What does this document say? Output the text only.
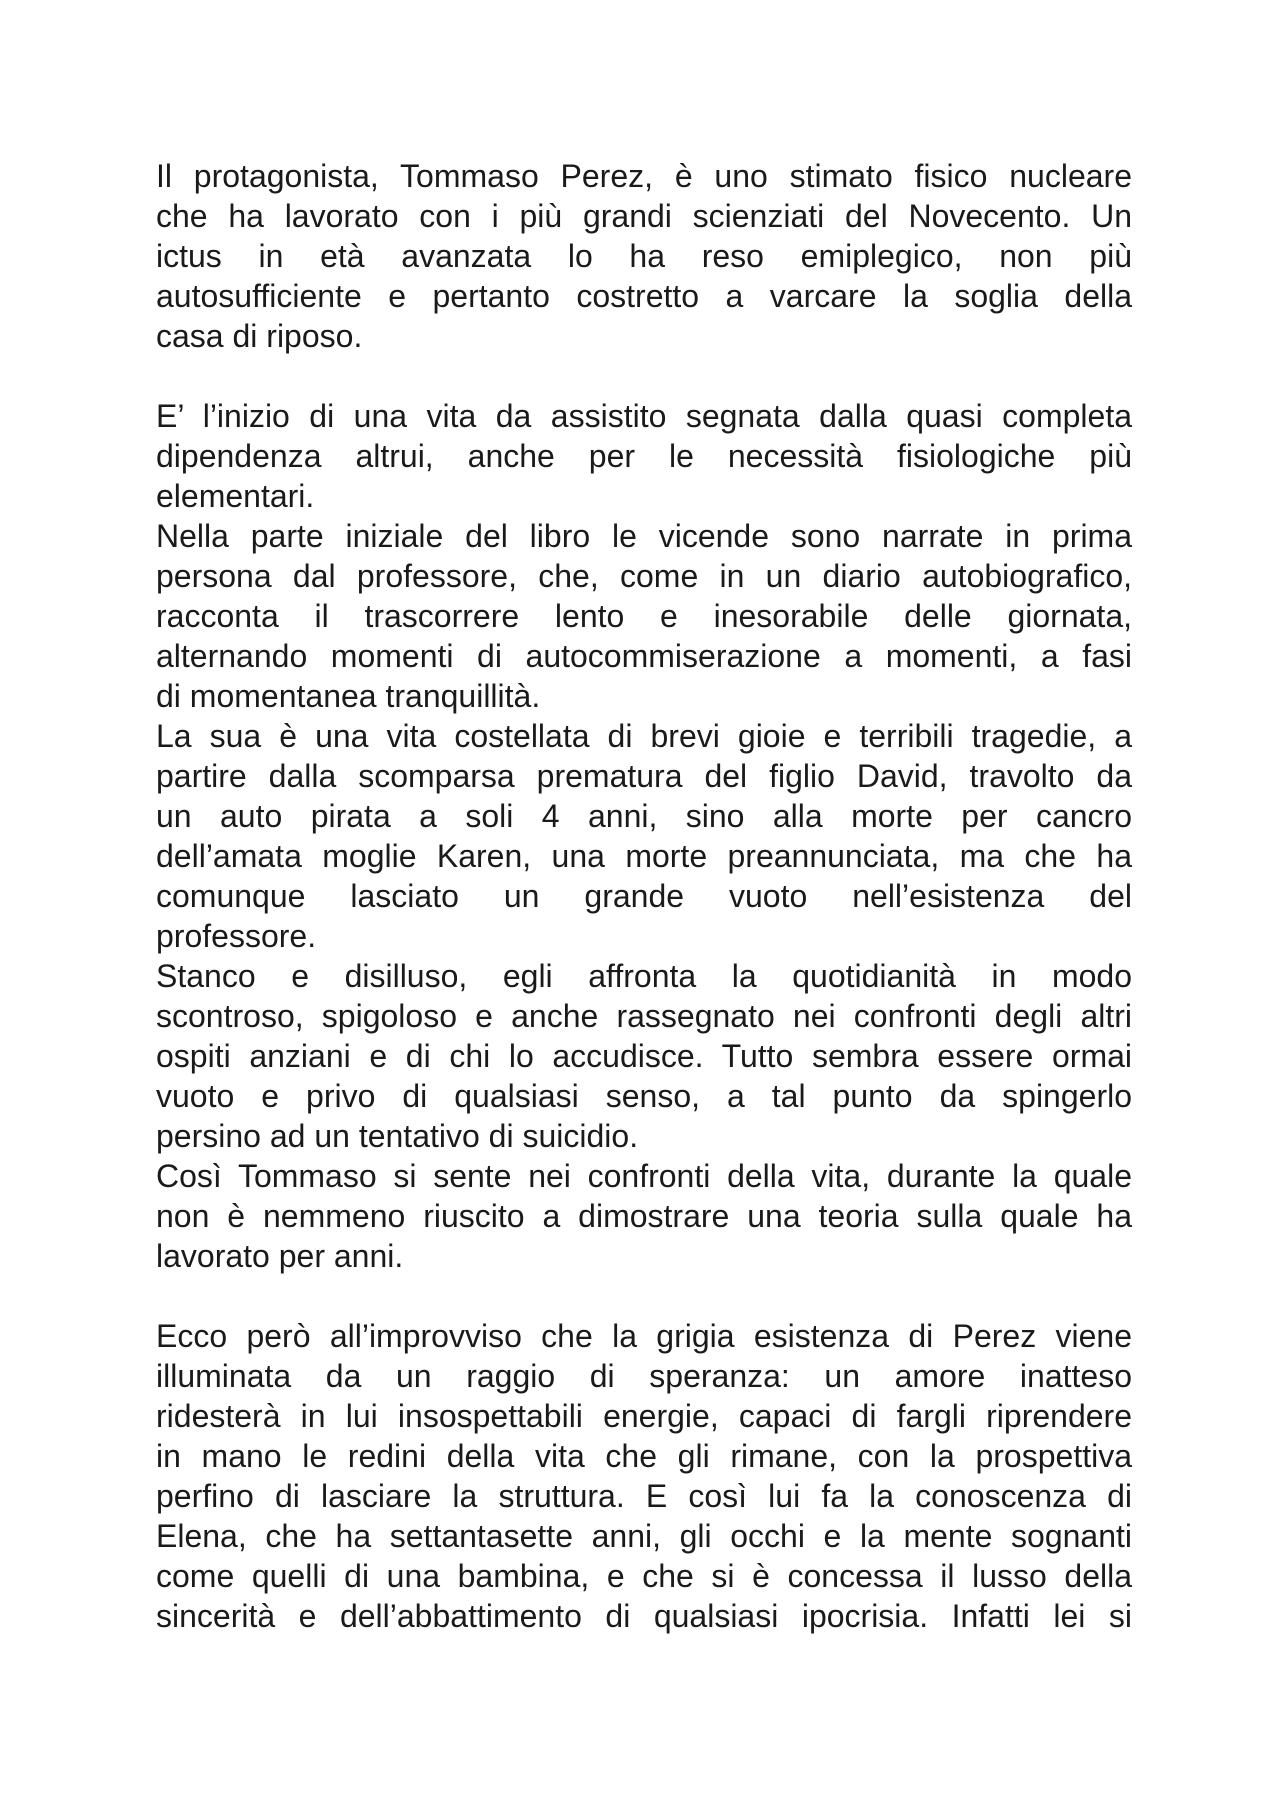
Il protagonista, Tommaso Perez, è uno stimato fisico nucleare
che ha lavorato con i più grandi scienziati del Novecento. Un
ictus in età avanzata lo ha reso emiplegico, non più
autosufficiente e pertanto costretto a varcare la soglia della
casa di riposo.
E’ l’inizio di una vita da assistito segnata dalla quasi completa
dipendenza altrui, anche per le necessità fisiologiche più
elementari.
Nella parte iniziale del libro le vicende sono narrate in prima
persona dal professore, che, come in un diario autobiografico,
racconta il trascorrere lento e inesorabile delle giornata,
alternando momenti di autocommiserazione a momenti, a fasi
di momentanea tranquillità.
La sua è una vita costellata di brevi gioie e terribili tragedie, a
partire dalla scomparsa prematura del figlio David, travolto da
un auto pirata a soli 4 anni, sino alla morte per cancro
dell’amata moglie Karen, una morte preannunciata, ma che ha
comunque lasciato un grande vuoto nell’esistenza del
professore.
Stanco e disilluso, egli affronta la quotidianità in modo
scontroso, spigoloso e anche rassegnato nei confronti degli altri
ospiti anziani e di chi lo accudisce. Tutto sembra essere ormai
vuoto e privo di qualsiasi senso, a tal punto da spingerlo
persino ad un tentativo di suicidio.
Così Tommaso si sente nei confronti della vita, durante la quale
non è nemmeno riuscito a dimostrare una teoria sulla quale ha
lavorato per anni.
Ecco però all’improvviso che la grigia esistenza di Perez viene
illuminata da un raggio di speranza: un amore inatteso
ridesterà in lui insospettabili energie, capaci di fargli riprendere
in mano le redini della vita che gli rimane, con la prospettiva
perfino di lasciare la struttura. E così lui fa la conoscenza di
Elena, che ha settantasette anni, gli occhi e la mente sognanti
come quelli di una bambina, e che si è concessa il lusso della
sincerità e dell’abbattimento di qualsiasi ipocrisia. Infatti lei si
